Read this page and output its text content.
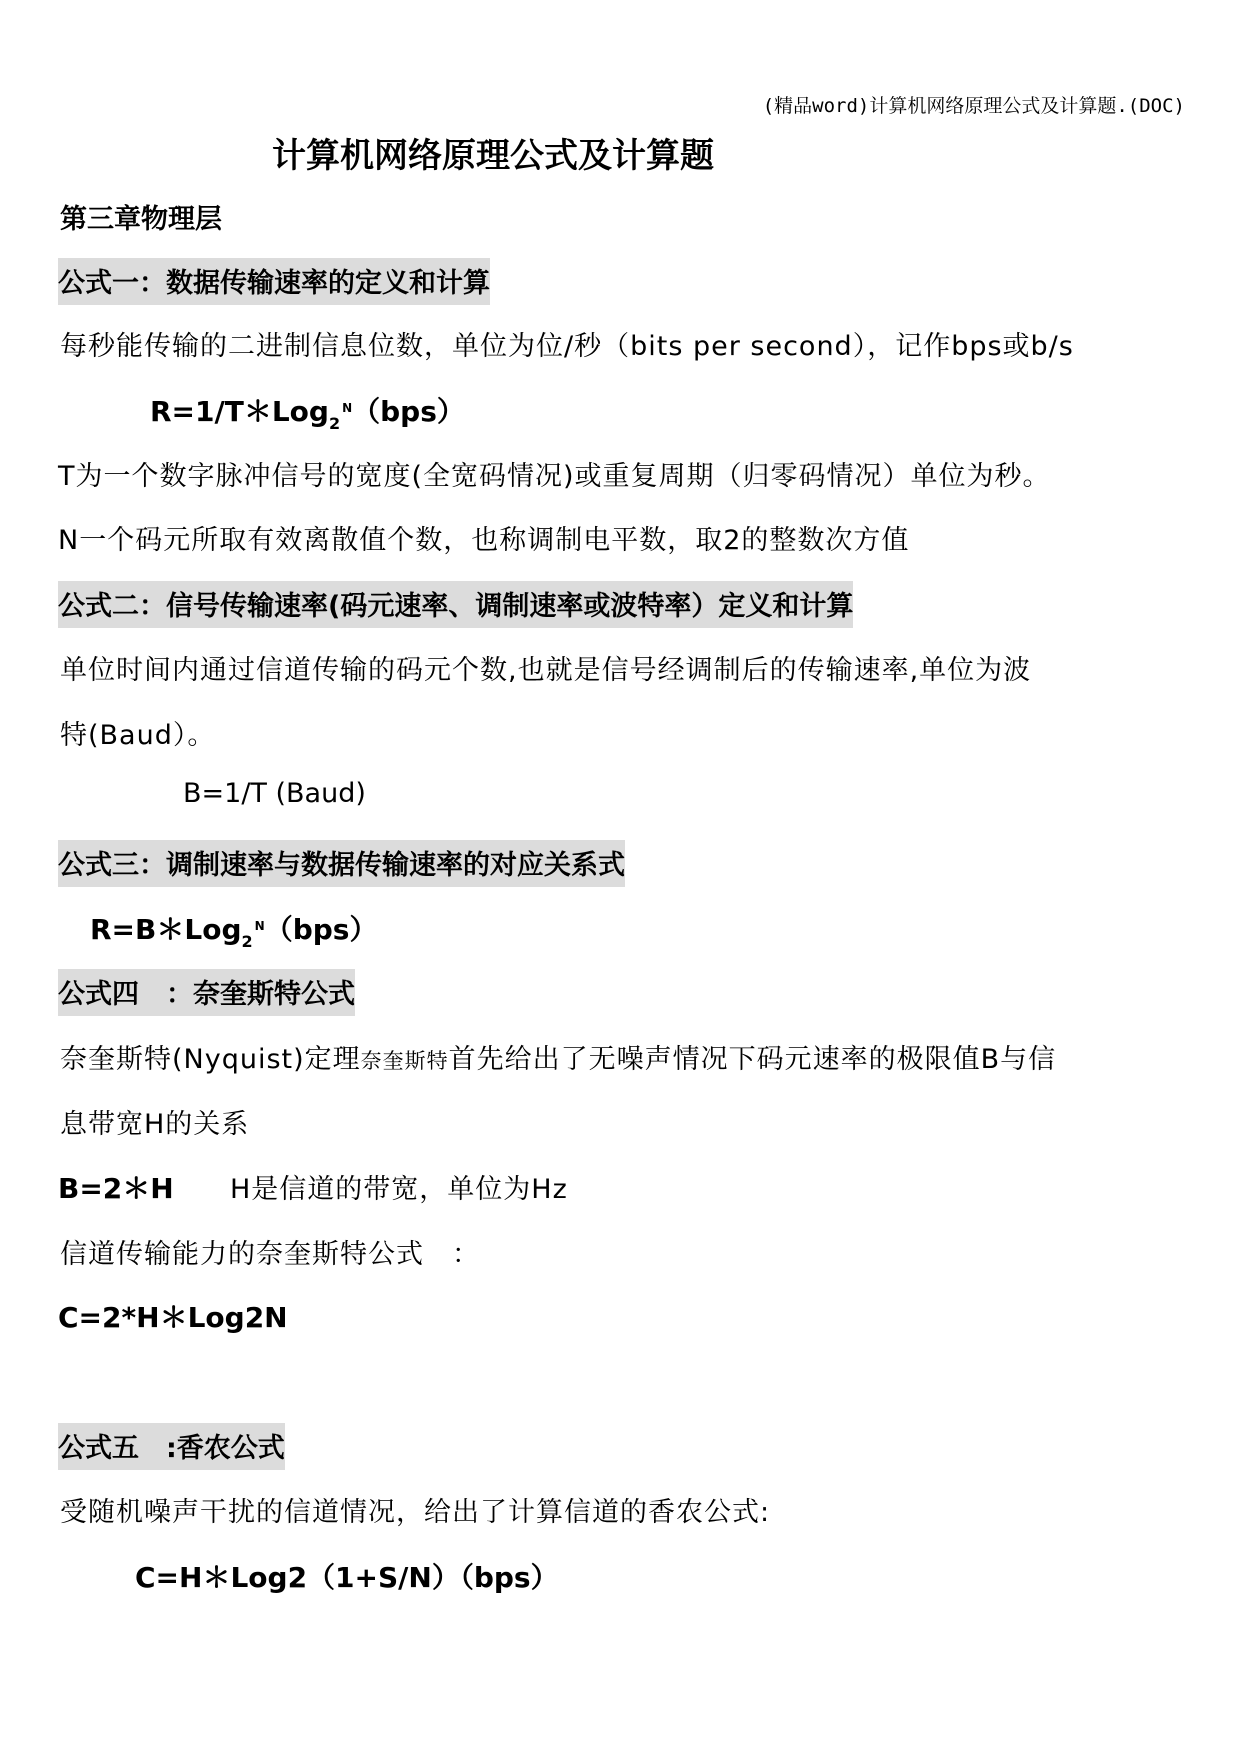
(精品word)计算机网络原理公式及计算题.(DOC)
计算机网络原理公式及计算题
第三章物理层
公式一：数据传输速率的定义和计算
每秒能传输的二进制信息位数，单位为位/秒（bits per second），记作bps或b/s
R=1/T＊Log$_2^N$（bps）
T为一个数字脉冲信号的宽度(全宽码情况)或重复周期（归零码情况）单位为秒。
N一个码元所取有效离散值个数，也称调制电平数，取2的整数次方值
公式二：信号传输速率(码元速率、调制速率或波特率）定义和计算
单位时间内通过信道传输的码元个数,也就是信号经调制后的传输速率,单位为波
特(Baud）。
B=1/T (Baud)
公式三：调制速率与数据传输速率的对应关系式
R=B＊Log$_2^N$（bps）
公式四　：奈奎斯特公式
奈奎斯特(Nyquist)定理奈奎斯特首先给出了无噪声情况下码元速率的极限值B与信
息带宽H的关系
B=2＊H H是信道的带宽，单位为Hz
信道传输能力的奈奎斯特公式　：
C=2*H＊Log2N
公式五　:香农公式
受随机噪声干扰的信道情况，给出了计算信道的香农公式:
C=H＊Log2（1+S/N）（bps）
